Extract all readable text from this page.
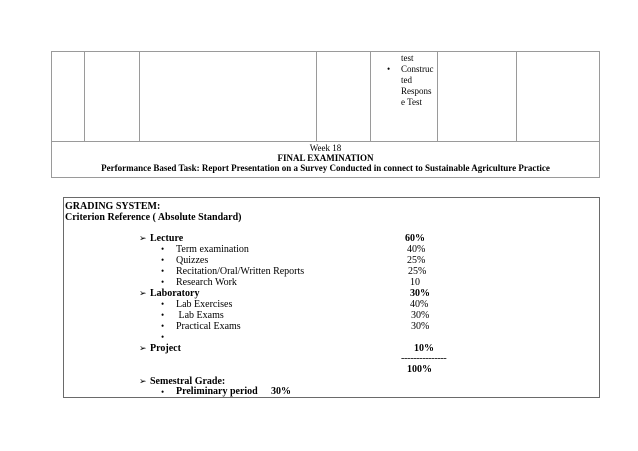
test
• Construc
ted
Respons
e Test
Week 18
FINAL EXAMINATION
Performance Based Task: Report Presentation on a Survey Conducted in connect to Sustainable Agriculture Practice
GRADING SYSTEM:
Criterion Reference ( Absolute Standard)
➢ Lecture	60%
• Term examination	40%
• Quizzes	25%
• Recitation/Oral/Written Reports	25%
• Research Work	10
➢ Laboratory	30%
• Lab Exercises	40%
• Lab Exams	30%
• Practical Exams	30%
•
➢ Project	10%
---------------
100%
➢ Semestral Grade:
• Preliminary period 30%
